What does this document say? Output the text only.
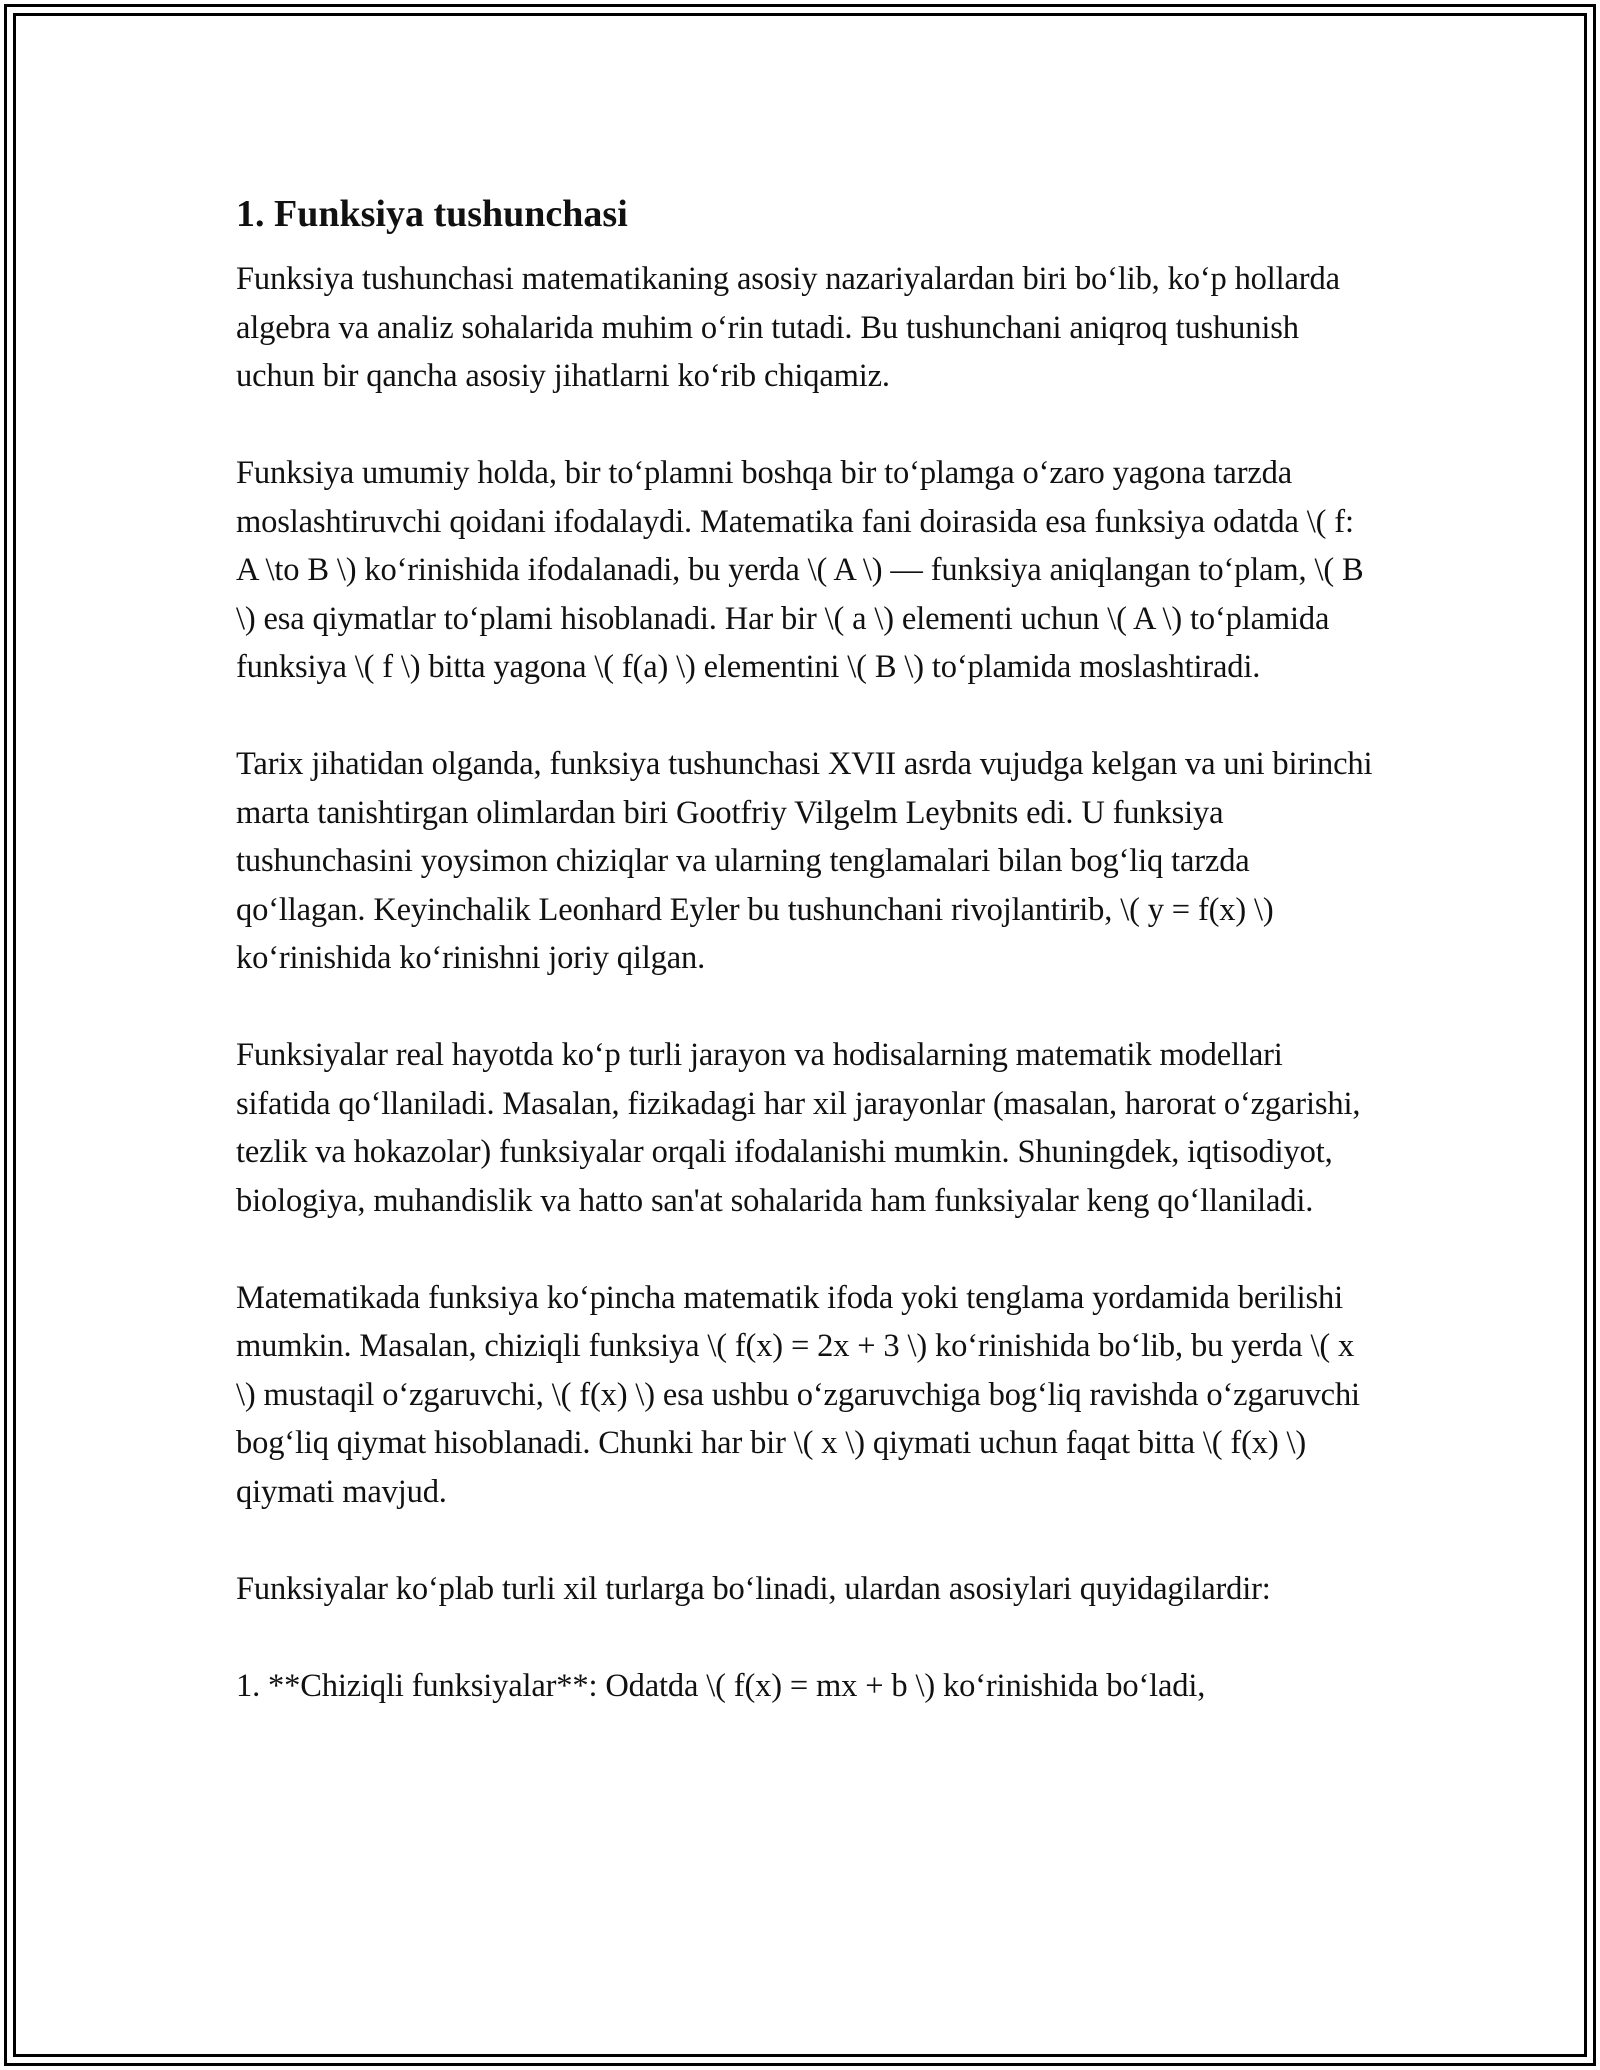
1. Funksiya tushunchasi

Funksiya tushunchasi matematikaning asosiy nazariyalardan biri bo‘lib, ko‘p hollarda algebra va analiz sohalarida muhim o‘rin tutadi. Bu tushunchani aniqroq tushunish uchun bir qancha asosiy jihatlarni ko‘rib chiqamiz.

Funksiya umumiy holda, bir to‘plamni boshqa bir to‘plamga o‘zaro yagona tarzda moslashtiruvchi qoidani ifodalaydi. Matematika fani doirasida esa funksiya odatda \( f: A \to B \) ko‘rinishida ifodalanadi, bu yerda \( A \) — funksiya aniqlangan to‘plam, \( B \) esa qiymatlar to‘plami hisoblanadi. Har bir \( a \) elementi uchun \( A \) to‘plamida funksiya \( f \) bitta yagona \( f(a) \) elementini \( B \) to‘plamida moslashtiradi.

Tarix jihatidan olganda, funksiya tushunchasi XVII asrda vujudga kelgan va uni birinchi marta tanishtirgan olimlardan biri Gootfriy Vilgelm Leybnits edi. U funksiya tushunchasini yoysimon chiziqlar va ularning tenglamalari bilan bog‘liq tarzda qo‘llagan. Keyinchalik Leonhard Eyler bu tushunchani rivojlantirib, \( y = f(x) \) ko‘rinishida ko‘rinishni joriy qilgan.

Funksiyalar real hayotda ko‘p turli jarayon va hodisalarning matematik modellari sifatida qo‘llaniladi. Masalan, fizikadagi har xil jarayonlar (masalan, harorat o‘zgarishi, tezlik va hokazolar) funksiyalar orqali ifodalanishi mumkin. Shuningdek, iqtisodiyot, biologiya, muhandislik va hatto san'at sohalarida ham funksiyalar keng qo‘llaniladi.

Matematikada funksiya ko‘pincha matematik ifoda yoki tenglama yordamida berilishi mumkin. Masalan, chiziqli funksiya \( f(x) = 2x + 3 \) ko‘rinishida bo‘lib, bu yerda \( x \) mustaqil o‘zgaruvchi, \( f(x) \) esa ushbu o‘zgaruvchiga bog‘liq ravishda o‘zgaruvchi bog‘liq qiymat hisoblanadi. Chunki har bir \( x \) qiymati uchun faqat bitta \( f(x) \) qiymati mavjud.

Funksiyalar ko‘plab turli xil turlarga bo‘linadi, ulardan asosiylari quyidagilardir:

1. **Chiziqli funksiyalar**: Odatda \( f(x) = mx + b \) ko‘rinishida bo‘ladi,
